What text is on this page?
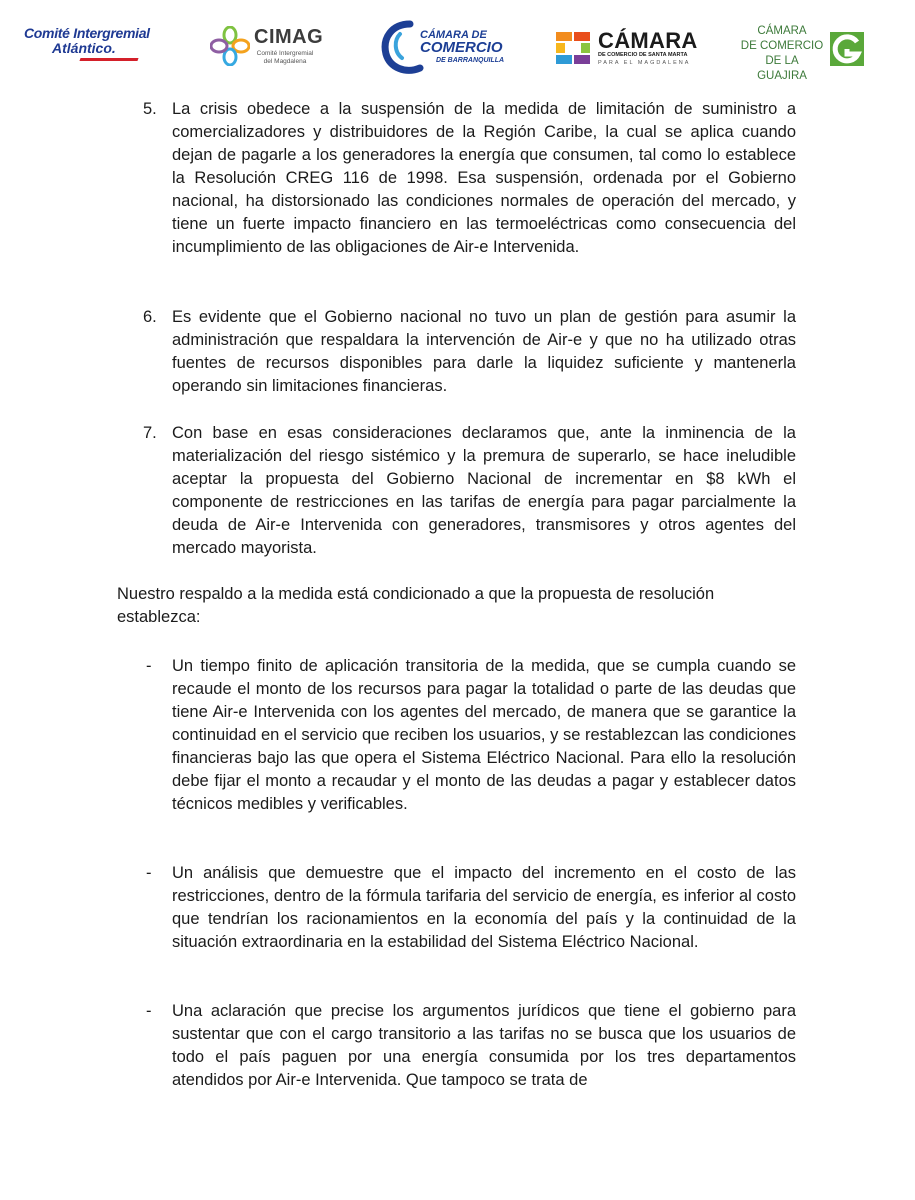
Comité Intergremial
Atlántico.	CIMAG
Comité Intergremial del Magdalena
CÁMARA DE
COMERCIO
DE BARRANQUILLA
CÁMARA
DE COMERCIO DE SANTA MARTA
PARA EL MAGDALENA
CÁMARA
DE COMERCIO
DE LA GUAJIRA
5. La crisis obedece a la suspensión de la medida de limitación de suministro a comercializadores y distribuidores de la Región Caribe, la cual se aplica cuando dejan de pagarle a los generadores la energía que consumen, tal como lo establece la Resolución CREG 116 de 1998. Esa suspensión, ordenada por el Gobierno nacional, ha distorsionado las condiciones normales de operación del mercado, y tiene un fuerte impacto financiero en las termoeléctricas como consecuencia del incumplimiento de las obligaciones de Air-e Intervenida.
6. Es evidente que el Gobierno nacional no tuvo un plan de gestión para asumir la administración que respaldara la intervención de Air-e y que no ha utilizado otras fuentes de recursos disponibles para darle la liquidez suficiente y mantenerla operando sin limitaciones financieras.
7. Con base en esas consideraciones declaramos que, ante la inminencia de la materialización del riesgo sistémico y la premura de superarlo, se hace ineludible aceptar la propuesta del Gobierno Nacional de incrementar en $8 kWh el componente de restricciones en las tarifas de energía para pagar parcialmente la deuda de Air-e Intervenida con generadores, transmisores y otros agentes del mercado mayorista.
Nuestro respaldo a la medida está condicionado a que la propuesta de resolución establezca:
- Un tiempo finito de aplicación transitoria de la medida, que se cumpla cuando se recaude el monto de los recursos para pagar la totalidad o parte de las deudas que tiene Air-e Intervenida con los agentes del mercado, de manera que se garantice la continuidad en el servicio que reciben los usuarios, y se restablezcan las condiciones financieras bajo las que opera el Sistema Eléctrico Nacional. Para ello la resolución debe fijar el monto a recaudar y el monto de las deudas a pagar y establecer datos técnicos medibles y verificables.
- Un análisis que demuestre que el impacto del incremento en el costo de las restricciones, dentro de la fórmula tarifaria del servicio de energía, es inferior al costo que tendrían los racionamientos en la economía del país y la continuidad de la situación extraordinaria en la estabilidad del Sistema Eléctrico Nacional.
- Una aclaración que precise los argumentos jurídicos que tiene el gobierno para sustentar que con el cargo transitorio a las tarifas no se busca que los usuarios de todo el país paguen por una energía consumida por los tres departamentos atendidos por Air-e Intervenida. Que tampoco se trata de
